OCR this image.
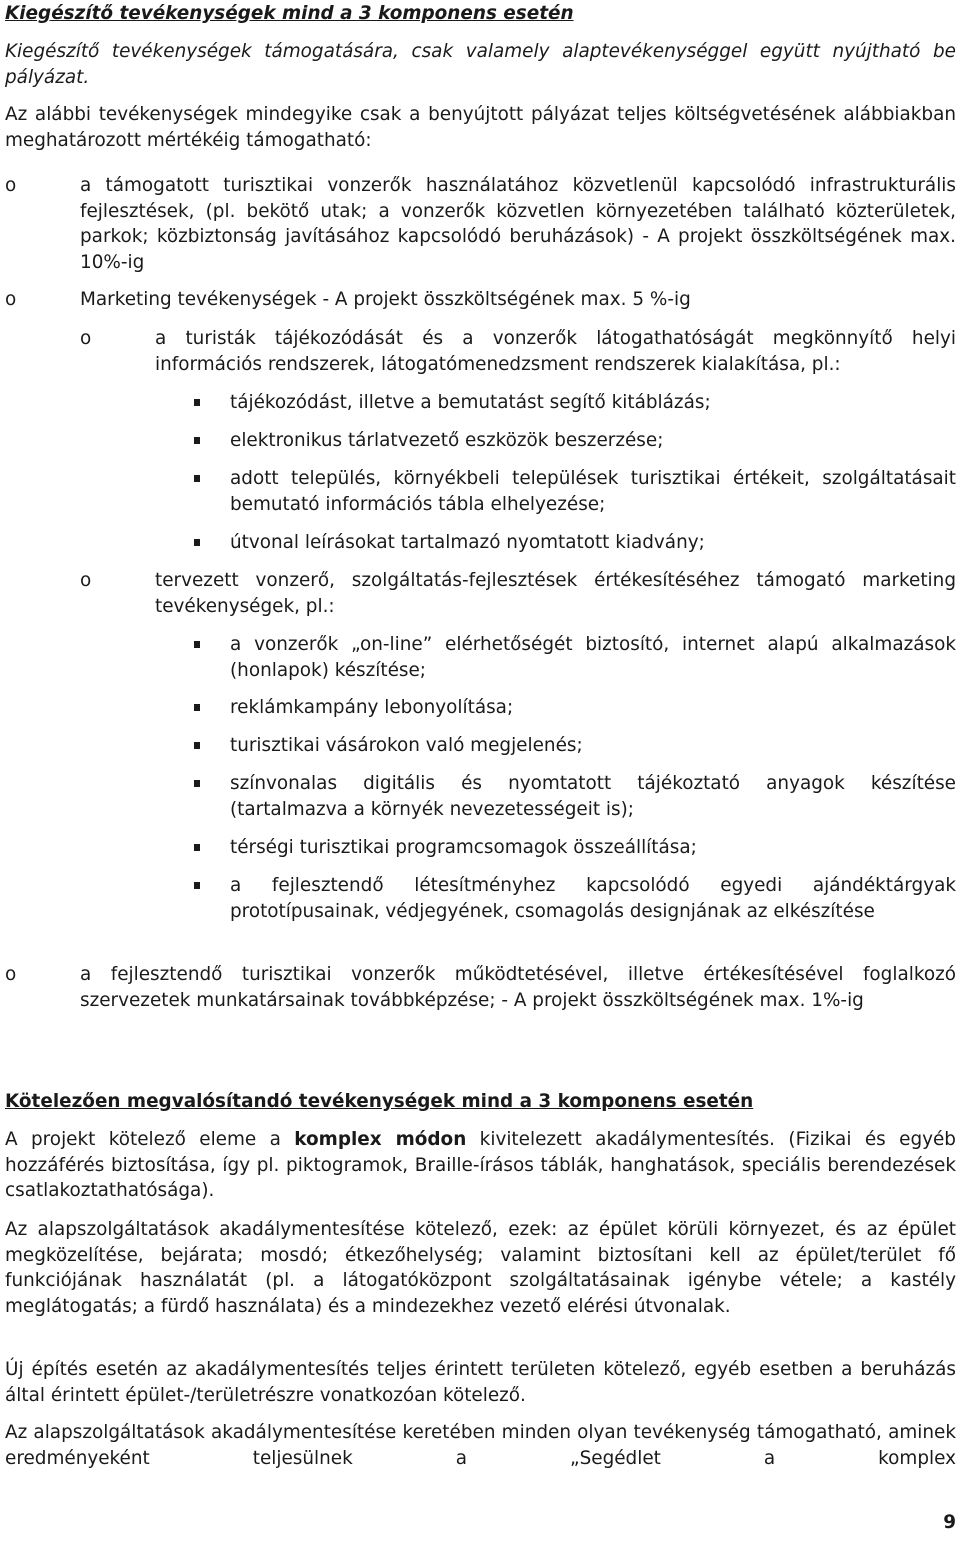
Kiegészítő tevékenységek mind a 3 komponens esetén

Kiegészítő tevékenységek támogatására, csak valamely alaptevékenységgel együtt nyújtható be pályázat.

Az alábbi tevékenységek mindegyike csak a benyújtott pályázat teljes költségvetésének alábbiakban meghatározott mértékéig támogatható:

o	a támogatott turisztikai vonzerők használatához közvetlenül kapcsolódó infrastrukturális fejlesztések, (pl. bekötő utak; a vonzerők közvetlen környezetében található közterületek, parkok; közbiztonság javításához kapcsolódó beruházások) - A projekt összköltségének max. 10%-ig

o	Marketing tevékenységek - A projekt összköltségének max. 5 %-ig

o	a turisták tájékozódását és a vonzerők látogathatóságát megkönnyítő helyi információs rendszerek, látogatómenedzsment rendszerek kialakítása, pl.:

tájékozódást, illetve a bemutatást segítő kitáblázás;

elektronikus tárlatvezető eszközök beszerzése;

adott település, környékbeli települések turisztikai értékeit, szolgáltatásait bemutató információs tábla elhelyezése;

útvonal leírásokat tartalmazó nyomtatott kiadvány;

o	tervezett vonzerő, szolgáltatás-fejlesztések értékesítéséhez támogató marketing tevékenységek, pl.:

a vonzerők „on-line” elérhetőségét biztosító, internet alapú alkalmazások (honlapok) készítése;

reklámkampány lebonyolítása;

turisztikai vásárokon való megjelenés;

színvonalas digitális és nyomtatott tájékoztató anyagok készítése (tartalmazva a környék nevezetességeit is);

térségi turisztikai programcsomagok összeállítása;

a fejlesztendő létesítményhez kapcsolódó egyedi ajándéktárgyak prototípusainak, védjegyének, csomagolás designjának az elkészítése

o	a fejlesztendő turisztikai vonzerők működtetésével, illetve értékesítésével foglalkozó szervezetek munkatársainak továbbképzése; - A projekt összköltségének max. 1%-ig

Kötelezően megvalósítandó tevékenységek mind a 3 komponens esetén

A projekt kötelező eleme a komplex módon kivitelezett akadálymentesítés. (Fizikai és egyéb hozzáférés biztosítása, így pl. piktogramok, Braille-írásos táblák, hanghatások, speciális berendezések csatlakoztathatósága).

Az alapszolgáltatások akadálymentesítése kötelező, ezek: az épület körüli környezet, és az épület megközelítése, bejárata; mosdó; étkezőhelység; valamint biztosítani kell az épület/terület fő funkciójának használatát (pl. a látogatóközpont szolgáltatásainak igénybe vétele; a kastély meglátogatás; a fürdő használata) és a mindezekhez vezető elérési útvonalak.

Új építés esetén az akadálymentesítés teljes érintett területen kötelező, egyéb esetben a beruházás által érintett épület-/területrészre vonatkozóan kötelező.

Az alapszolgáltatások akadálymentesítése keretében minden olyan tevékenység támogatható, aminek eredményeként teljesülnek a „Segédlet a komplex

9
